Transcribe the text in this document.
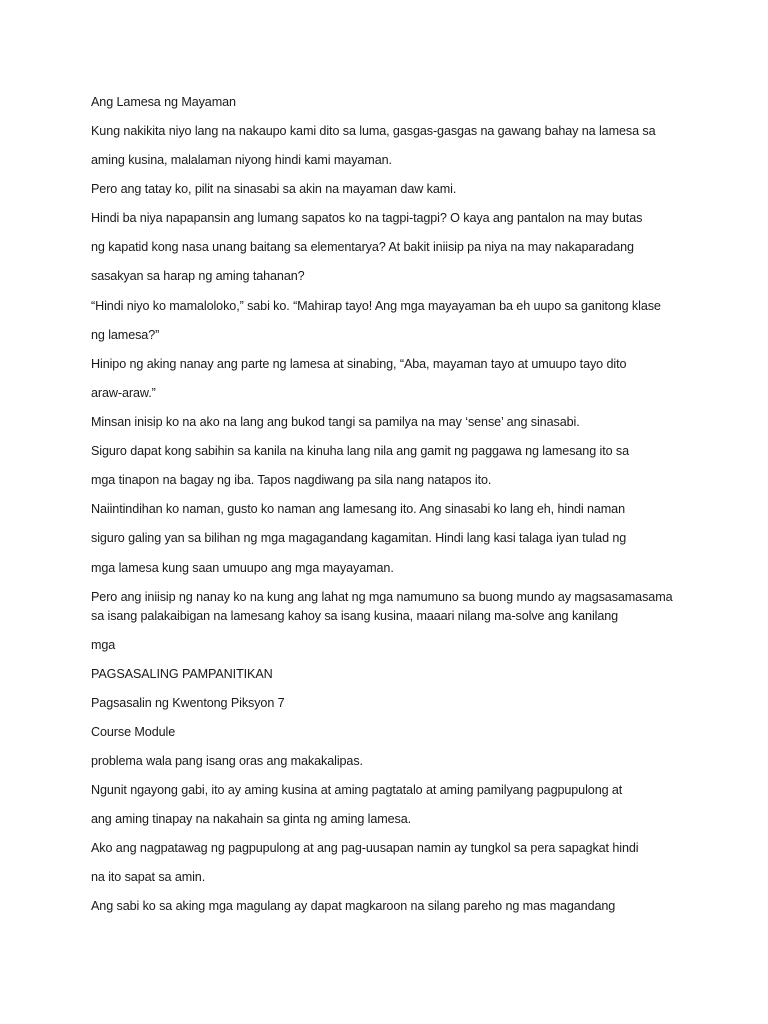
Ang Lamesa ng Mayaman
Kung nakikita niyo lang na nakaupo kami dito sa luma, gasgas-gasgas na gawang bahay na lamesa sa
aming kusina, malalaman niyong hindi kami mayaman.
Pero ang tatay ko, pilit na sinasabi sa akin na mayaman daw kami.
Hindi ba niya napapansin ang lumang sapatos ko na tagpi-tagpi? O kaya ang pantalon na may butas
ng kapatid kong nasa unang baitang sa elementarya? At bakit iniisip pa niya na may nakaparadang
sasakyan sa harap ng aming tahanan?
“Hindi niyo ko mamaloloko,” sabi ko. “Mahirap tayo! Ang mga mayayaman ba eh uupo sa ganitong klase
ng lamesa?”
Hinipo ng aking nanay ang parte ng lamesa at sinabing, “Aba, mayaman tayo at umuupo tayo dito
araw-araw.”
Minsan inisip ko na ako na lang ang bukod tangi sa pamilya na may ‘sense’ ang sinasabi.
Siguro dapat kong sabihin sa kanila na kinuha lang nila ang gamit ng paggawa ng lamesang ito sa
mga tinapon na bagay ng iba. Tapos nagdiwang pa sila nang natapos ito.
Naiintindihan ko naman, gusto ko naman ang lamesang ito. Ang sinasabi ko lang eh, hindi naman
siguro galing yan sa bilihan ng mga magagandang kagamitan. Hindi lang kasi talaga iyan tulad ng
mga lamesa kung saan umuupo ang mga mayayaman.
Pero ang iniisip ng nanay ko na kung ang lahat ng mga namumuno sa buong mundo ay magsasamasama
sa isang palakaibigan na lamesang kahoy sa isang kusina, maaari nilang ma-solve ang kanilang
mga
PAGSASALING PAMPANITIKAN
Pagsasalin ng Kwentong Piksyon 7
Course Module
problema wala pang isang oras ang makakalipas.
Ngunit ngayong gabi, ito ay aming kusina at aming pagtatalo at aming pamilyang pagpupulong at
ang aming tinapay na nakahain sa ginta ng aming lamesa.
Ako ang nagpatawag ng pagpupulong at ang pag-uusapan namin ay tungkol sa pera sapagkat hindi
na ito sapat sa amin.
Ang sabi ko sa aking mga magulang ay dapat magkaroon na silang pareho ng mas magandang
